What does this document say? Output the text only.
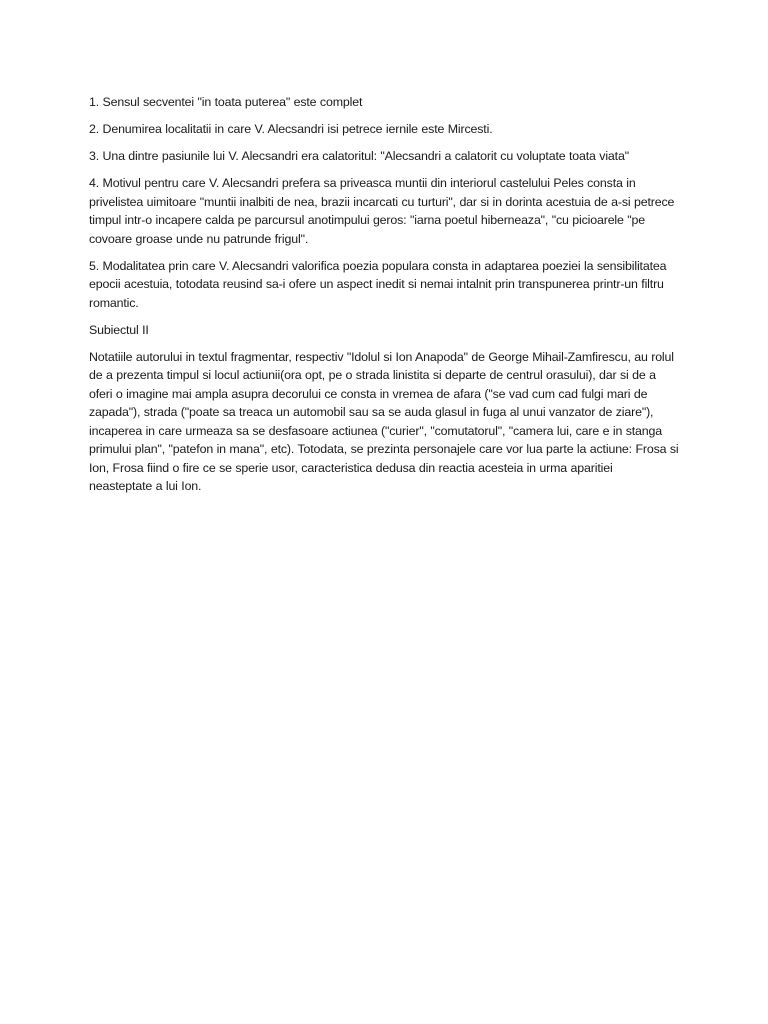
1. Sensul secventei "in toata puterea" este complet

2. Denumirea localitatii in care V. Alecsandri isi petrece iernile este Mircesti.

3. Una dintre pasiunile lui V. Alecsandri era calatoritul: "Alecsandri a calatorit cu voluptate toata viata"

4. Motivul pentru care V. Alecsandri prefera sa priveasca muntii din interiorul castelului Peles consta in privelistea uimitoare "muntii inalbiti de nea, brazii incarcati cu turturi", dar si in dorinta acestuia de a-si petrece timpul intr-o incapere calda pe parcursul anotimpului geros: "iarna poetul hiberneaza", "cu picioarele "pe covoare groase unde nu patrunde frigul".

5. Modalitatea prin care V. Alecsandri valorifica poezia populara consta in adaptarea poeziei la sensibilitatea epocii acestuia, totodata reusind sa-i ofere un aspect inedit si nemai intalnit prin transpunerea printr-un filtru romantic.

Subiectul II

Notatiile autorului in textul fragmentar, respectiv "Idolul si Ion Anapoda" de George Mihail-Zamfirescu, au rolul de a prezenta timpul si locul actiunii(ora opt, pe o strada linistita si departe de centrul orasului), dar si de a oferi o imagine mai ampla asupra decorului ce consta in vremea de afara ("se vad cum cad fulgi mari de zapada"), strada ("poate sa treaca un automobil sau sa se auda glasul in fuga al unui vanzator de ziare"), incaperea in care urmeaza sa se desfasoare actiunea ("curier", "comutatorul", "camera lui, care e in stanga primului plan", "patefon in mana", etc). Totodata, se prezinta personajele care vor lua parte la actiune: Frosa si Ion, Frosa fiind o fire ce se sperie usor, caracteristica dedusa din reactia acesteia in urma aparitiei neasteptate a lui Ion.
